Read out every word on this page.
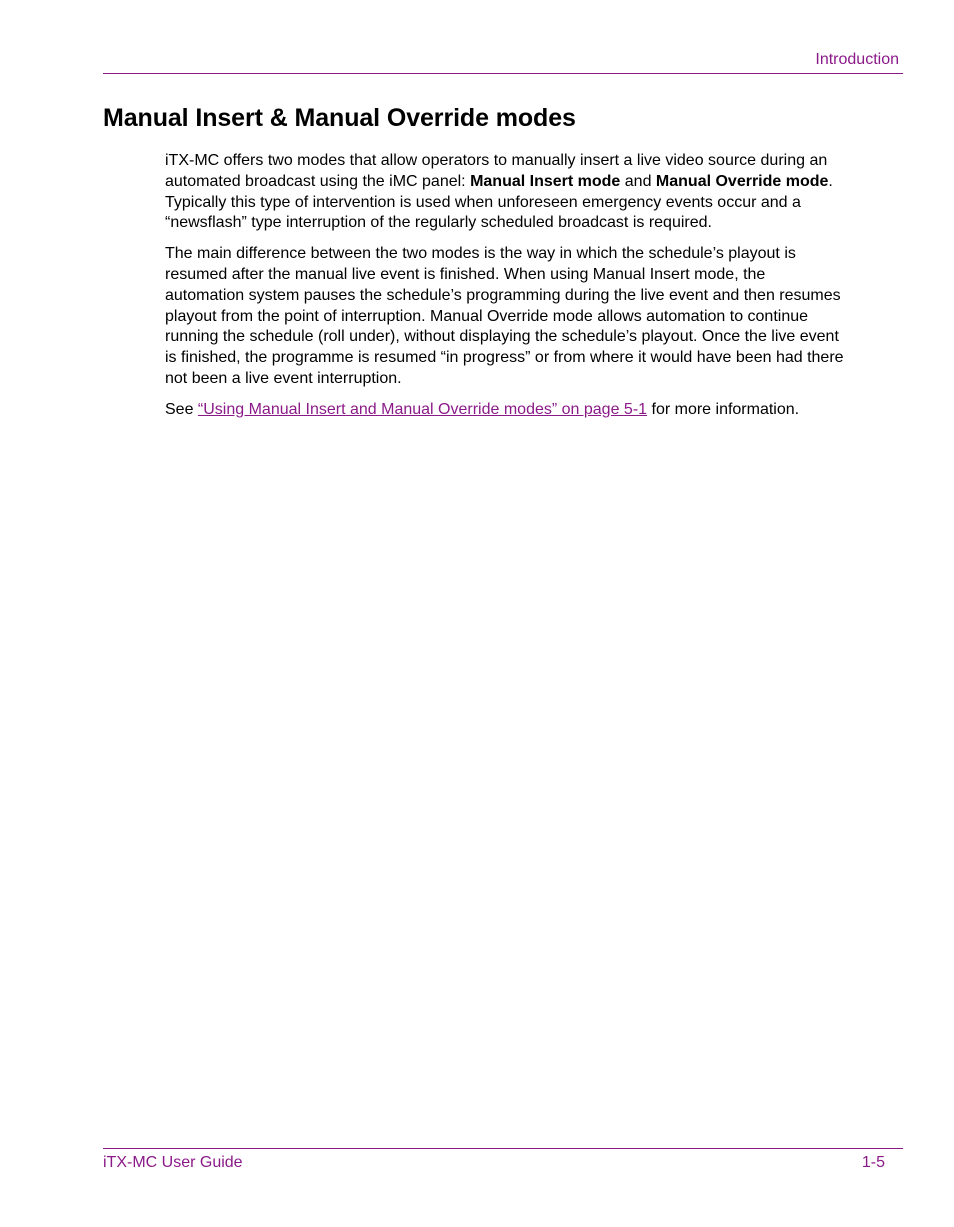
Introduction
Manual Insert & Manual Override modes

iTX-MC offers two modes that allow operators to manually insert a live video source during an automated broadcast using the iMC panel: Manual Insert mode and Manual Override mode. Typically this type of intervention is used when unforeseen emergency events occur and a “newsflash” type interruption of the regularly scheduled broadcast is required.

The main difference between the two modes is the way in which the schedule’s playout is resumed after the manual live event is finished. When using Manual Insert mode, the automation system pauses the schedule’s programming during the live event and then resumes playout from the point of interruption. Manual Override mode allows automation to continue running the schedule (roll under), without displaying the schedule’s playout. Once the live event is finished, the programme is resumed “in progress” or from where it would have been had there not been a live event interruption.

See “Using Manual Insert and Manual Override modes” on page 5-1 for more information.

iTX-MC User Guide	1-5
